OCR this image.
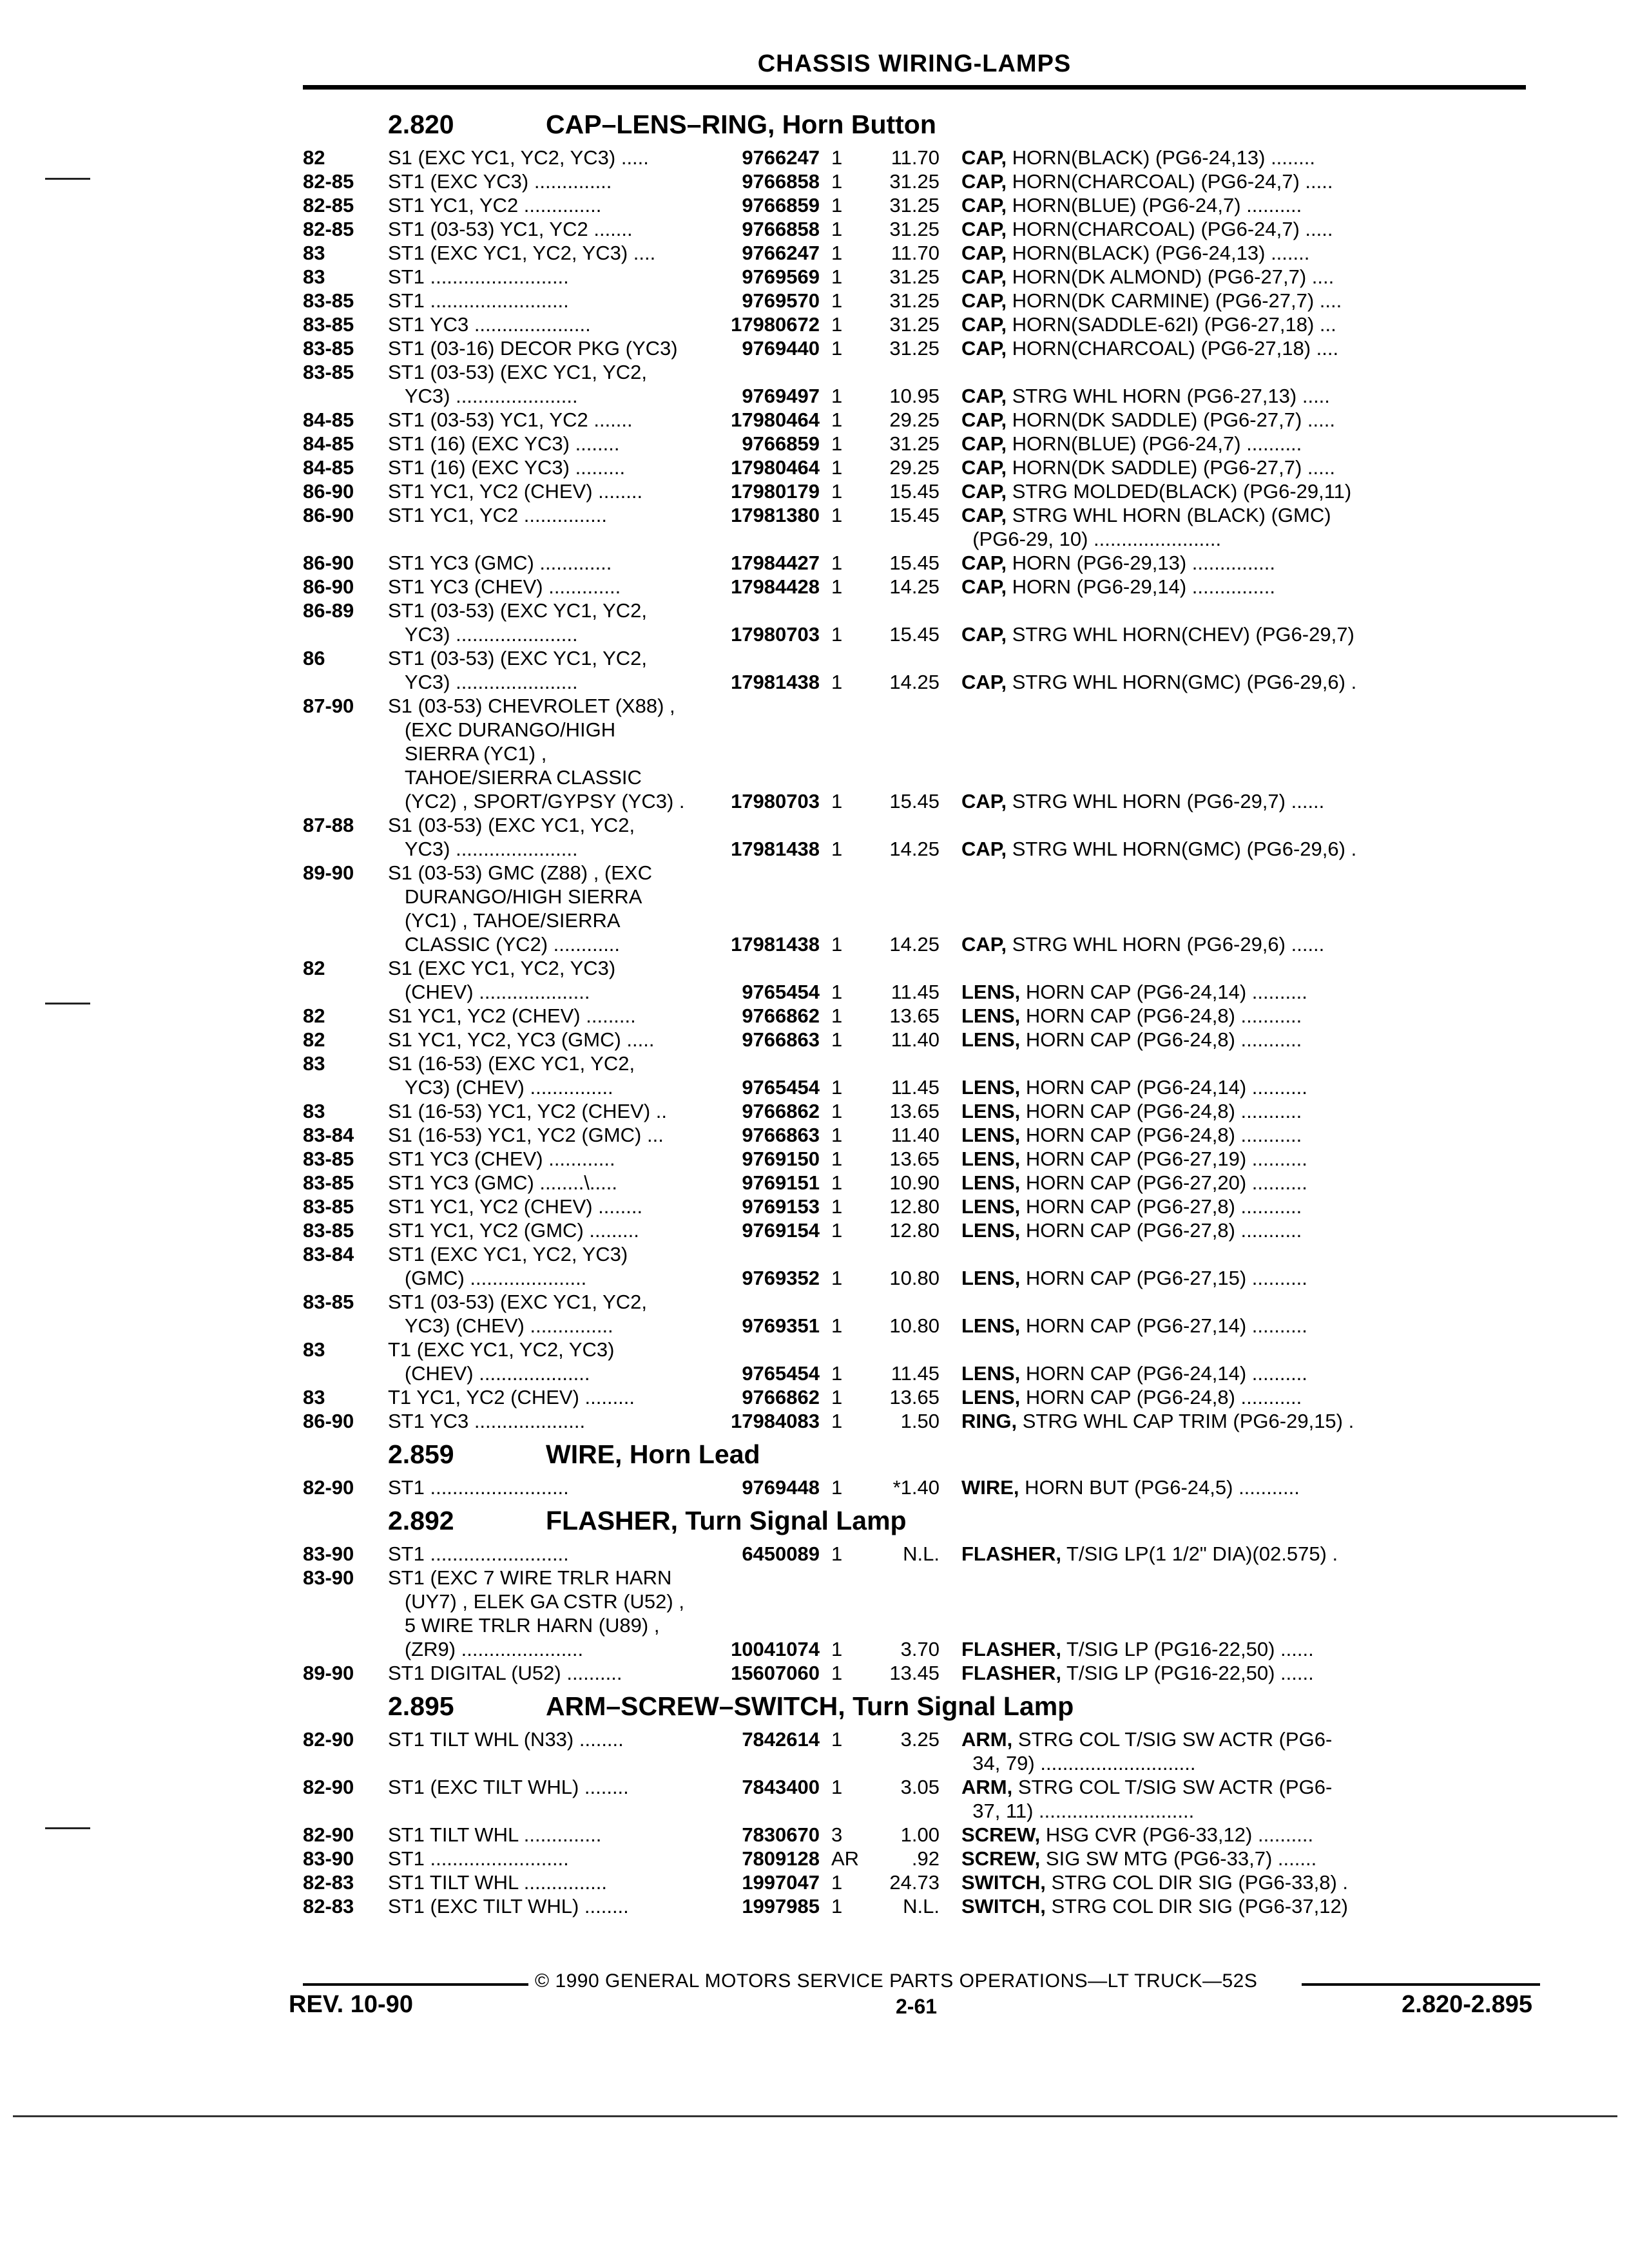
CHASSIS WIRING-LAMPS
2.820	CAP–LENS–RING, Horn Button
82	S1 (EXC YC1, YC2, YC3) .....	9766247 1	11.70	CAP, HORN(BLACK) (PG6-24,13) ........
82-85	ST1 (EXC YC3) ..............	9766858 1	31.25	CAP, HORN(CHARCOAL) (PG6-24,7) .....
82-85	ST1 YC1, YC2 ..............	9766859 1	31.25	CAP, HORN(BLUE) (PG6-24,7) ..........
82-85	ST1 (03-53) YC1, YC2 .......	9766858 1	31.25	CAP, HORN(CHARCOAL) (PG6-24,7) .....
83	ST1 (EXC YC1, YC2, YC3) ....	9766247 1	11.70	CAP, HORN(BLACK) (PG6-24,13) .......
83	ST1 .........................	9769569 1	31.25	CAP, HORN(DK ALMOND) (PG6-27,7) ....
83-85	ST1 .........................	9769570 1	31.25	CAP, HORN(DK CARMINE) (PG6-27,7) ....
83-85	ST1 YC3 .....................	17980672 1	31.25	CAP, HORN(SADDLE-62I) (PG6-27,18) ...
83-85	ST1 (03-16) DECOR PKG (YC3)	9769440 1	31.25	CAP, HORN(CHARCOAL) (PG6-27,18) ....
83-85	ST1 (03-53) (EXC YC1, YC2,
YC3) ......................	9769497 1	10.95	CAP, STRG WHL HORN (PG6-27,13) .....
84-85	ST1 (03-53) YC1, YC2 .......	17980464 1	29.25	CAP, HORN(DK SADDLE) (PG6-27,7) .....
84-85	ST1 (16) (EXC YC3) ........	9766859 1	31.25	CAP, HORN(BLUE) (PG6-24,7) ..........
84-85	ST1 (16) (EXC YC3) .........	17980464 1	29.25	CAP, HORN(DK SADDLE) (PG6-27,7) .....
86-90	ST1 YC1, YC2 (CHEV) ........	17980179 1	15.45	CAP, STRG MOLDED(BLACK) (PG6-29,11)
86-90	ST1 YC1, YC2 ...............	17981380 1	15.45	CAP, STRG WHL HORN (BLACK) (GMC)
(PG6-29, 10) .......................
86-90	ST1 YC3 (GMC) .............	17984427 1	15.45	CAP, HORN (PG6-29,13) ...............
86-90	ST1 YC3 (CHEV) .............	17984428 1	14.25	CAP, HORN (PG6-29,14) ...............
86-89	ST1 (03-53) (EXC YC1, YC2,
YC3) ......................	17980703 1	15.45	CAP, STRG WHL HORN(CHEV) (PG6-29,7)
86	ST1 (03-53) (EXC YC1, YC2,
YC3) ......................	17981438 1	14.25	CAP, STRG WHL HORN(GMC) (PG6-29,6) .
87-90	S1 (03-53) CHEVROLET (X88) ,
(EXC DURANGO/HIGH
SIERRA (YC1) ,
TAHOE/SIERRA CLASSIC
(YC2) , SPORT/GYPSY (YC3) .	17980703 1	15.45	CAP, STRG WHL HORN (PG6-29,7) ......
87-88	S1 (03-53) (EXC YC1, YC2,
YC3) ......................	17981438 1	14.25	CAP, STRG WHL HORN(GMC) (PG6-29,6) .
89-90	S1 (03-53) GMC (Z88) , (EXC
DURANGO/HIGH SIERRA
(YC1) , TAHOE/SIERRA
CLASSIC (YC2) ............	17981438 1	14.25	CAP, STRG WHL HORN (PG6-29,6) ......
82	S1 (EXC YC1, YC2, YC3)
(CHEV) ....................	9765454 1	11.45	LENS, HORN CAP (PG6-24,14) ..........
82	S1 YC1, YC2 (CHEV) .........	9766862 1	13.65	LENS, HORN CAP (PG6-24,8) ...........
82	S1 YC1, YC2, YC3 (GMC) .....	9766863 1	11.40	LENS, HORN CAP (PG6-24,8) ...........
83	S1 (16-53) (EXC YC1, YC2,
YC3) (CHEV) ...............	9765454 1	11.45	LENS, HORN CAP (PG6-24,14) ..........
83	S1 (16-53) YC1, YC2 (CHEV) ..	9766862 1	13.65	LENS, HORN CAP (PG6-24,8) ...........
83-84	S1 (16-53) YC1, YC2 (GMC) ...	9766863 1	11.40	LENS, HORN CAP (PG6-24,8) ...........
83-85	ST1 YC3 (CHEV) ............	9769150 1	13.65	LENS, HORN CAP (PG6-27,19) ..........
83-85	ST1 YC3 (GMC) ........\.....	9769151 1	10.90	LENS, HORN CAP (PG6-27,20) ..........
83-85	ST1 YC1, YC2 (CHEV) ........	9769153 1	12.80	LENS, HORN CAP (PG6-27,8) ...........
83-85	ST1 YC1, YC2 (GMC) .........	9769154 1	12.80	LENS, HORN CAP (PG6-27,8) ...........
83-84	ST1 (EXC YC1, YC2, YC3)
(GMC) .....................	9769352 1	10.80	LENS, HORN CAP (PG6-27,15) ..........
83-85	ST1 (03-53) (EXC YC1, YC2,
YC3) (CHEV) ...............	9769351 1	10.80	LENS, HORN CAP (PG6-27,14) ..........
83	T1 (EXC YC1, YC2, YC3)
(CHEV) ....................	9765454 1	11.45	LENS, HORN CAP (PG6-24,14) ..........
83	T1 YC1, YC2 (CHEV) .........	9766862 1	13.65	LENS, HORN CAP (PG6-24,8) ...........
86-90	ST1 YC3 ....................	17984083 1	1.50	RING, STRG WHL CAP TRIM (PG6-29,15) .
2.859	WIRE, Horn Lead
82-90	ST1 .........................	9769448 1	*1.40	WIRE, HORN BUT (PG6-24,5) ...........
2.892	FLASHER, Turn Signal Lamp
83-90	ST1 .........................	6450089 1	N.L.	FLASHER, T/SIG LP(1 1/2" DIA)(02.575) .
83-90	ST1 (EXC 7 WIRE TRLR HARN
(UY7) , ELEK GA CSTR (U52) ,
5 WIRE TRLR HARN (U89) ,
(ZR9) ......................	10041074 1	3.70	FLASHER, T/SIG LP (PG16-22,50) ......
89-90	ST1 DIGITAL (U52) ..........	15607060 1	13.45	FLASHER, T/SIG LP (PG16-22,50) ......
2.895	ARM–SCREW–SWITCH, Turn Signal Lamp
82-90	ST1 TILT WHL (N33) ........	7842614 1	3.25	ARM, STRG COL T/SIG SW ACTR (PG6-
34, 79) ............................
82-90	ST1 (EXC TILT WHL) ........	7843400 1	3.05	ARM, STRG COL T/SIG SW ACTR (PG6-
37, 11) ............................
82-90	ST1 TILT WHL ..............	7830670 3	1.00	SCREW, HSG CVR (PG6-33,12) ..........
83-90	ST1 .........................	7809128 AR	.92	SCREW, SIG SW MTG (PG6-33,7) .......
82-83	ST1 TILT WHL ...............	1997047 1	24.73	SWITCH, STRG COL DIR SIG (PG6-33,8) .
82-83	ST1 (EXC TILT WHL) ........	1997985 1	N.L.	SWITCH, STRG COL DIR SIG (PG6-37,12)
© 1990 GENERAL MOTORS SERVICE PARTS OPERATIONS—LT TRUCK—52S
REV. 10-90	2-61	2.820-2.895
